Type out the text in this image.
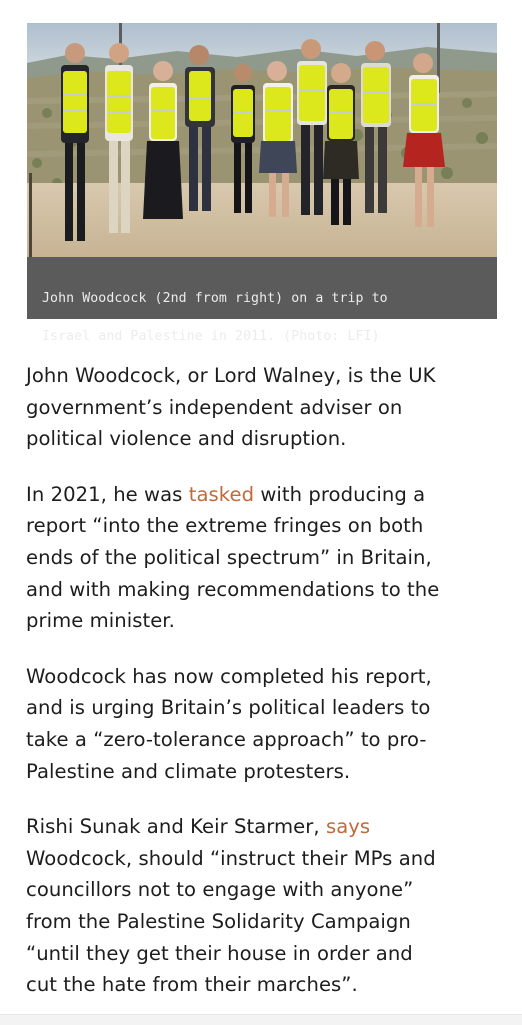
John Woodcock (2nd from right) on a trip to

Israel and Palestine in 2011. (Photo: LFI)

John Woodcock, or Lord Walney, is the UK
government’s independent adviser on
political violence and disruption.

In 2021, he was tasked with producing a
report “into the extreme fringes on both
ends of the political spectrum” in Britain,
and with making recommendations to the
prime minister.

Woodcock has now completed his report,
and is urging Britain’s political leaders to
take a “zero-tolerance approach” to pro-
Palestine and climate protesters.

Rishi Sunak and Keir Starmer, says
Woodcock, should “instruct their MPs and
councillors not to engage with anyone”
from the Palestine Solidarity Campaign
“until they get their house in order and
cut the hate from their marches”.
